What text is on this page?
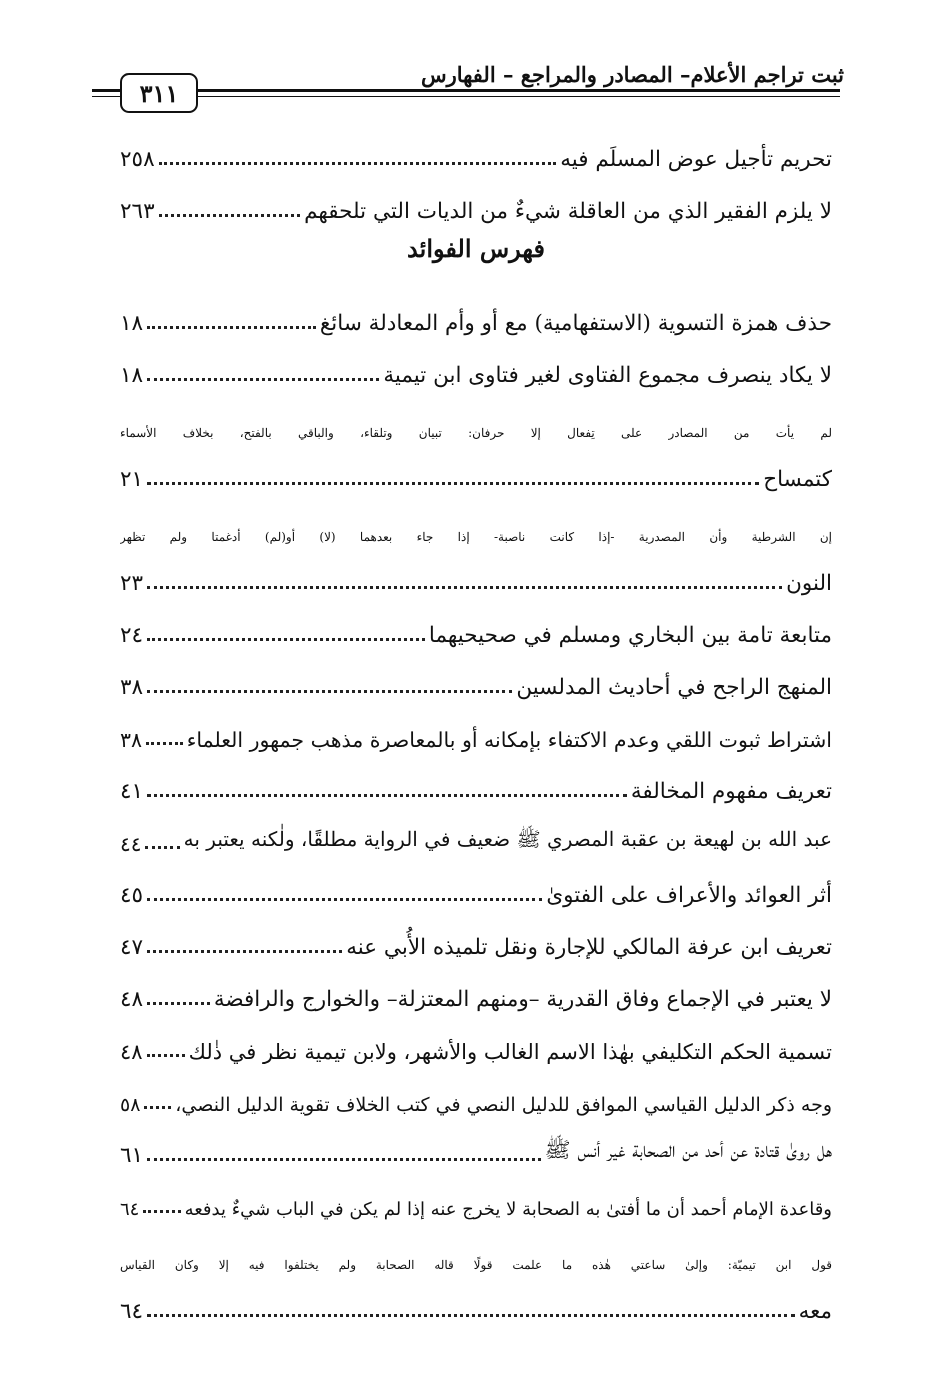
ثبت تراجم الأعلام– المصادر والمراجع – الفهارس
٣١١
تحريم تأجيل عوض المسلَم فيه
٢٥٨
لا يلزم الفقير الذي من العاقلة شيءٌ من الديات التي تلحقهم
٢٦٣
فهرس الفوائد
حذف همزة التسوية (الاستفهامية) مع أو وأم المعادلة سائغ
١٨
لا يكاد ينصرف مجموع الفتاوى لغير فتاوى ابن تيمية
١٨
لم يأت من المصادر على تِفعال إلا حرفان: تبيان وتلقاء، والباقي بالفتح، بخلاف الأسماء
كتمساح
٢١
إن الشرطية وأن المصدرية -إذا كانت ناصبة- إذا جاء بعدهما (لا) أو(لم) أدغمتا ولم تظهر
النون
٢٣
متابعة تامة بين البخاري ومسلم في صحيحيهما
٢٤
المنهج الراجح في أحاديث المدلسين
٣٨
اشتراط ثبوت اللقي وعدم الاكتفاء بإمكانه أو بالمعاصرة مذهب جمهور العلماء
٣٨
تعريف مفهوم المخالفة
٤١
عبد الله بن لهيعة بن عقبة المصري ﷺ ضعيف في الرواية مطلقًا، ولٰكنه يعتبر به
٤٤
أثر العوائد والأعراف على الفتوىٰ
٤٥
تعريف ابن عرفة المالكي للإجارة ونقل تلميذه الأُبي عنه
٤٧
لا يعتبر في الإجماع وفاق القدرية –ومنهم المعتزلة– والخوارج والرافضة
٤٨
تسمية الحكم التكليفي بهٰذا الاسم الغالب والأشهر، ولابن تيمية نظر في ذٰلك
٤٨
وجه ذكر الدليل القياسي الموافق للدليل النصي في كتب الخلاف تقوية الدليل النصي،
٥٨
هل روىٰ قتادة عن أحد من الصحابة غير أنس ﷺ
٦١
وقاعدة الإمام أحمد أن ما أفتىٰ به الصحابة لا يخرج عنه إذا لم يكن في الباب شيءٌ يدفعه
٦٤
قول ابن تيميّة: وإلىٰ ساعتي هٰذه ما علمت قولًا قاله الصحابة ولم يختلفوا فيه إلا وكان القياس
معه
٦٤
